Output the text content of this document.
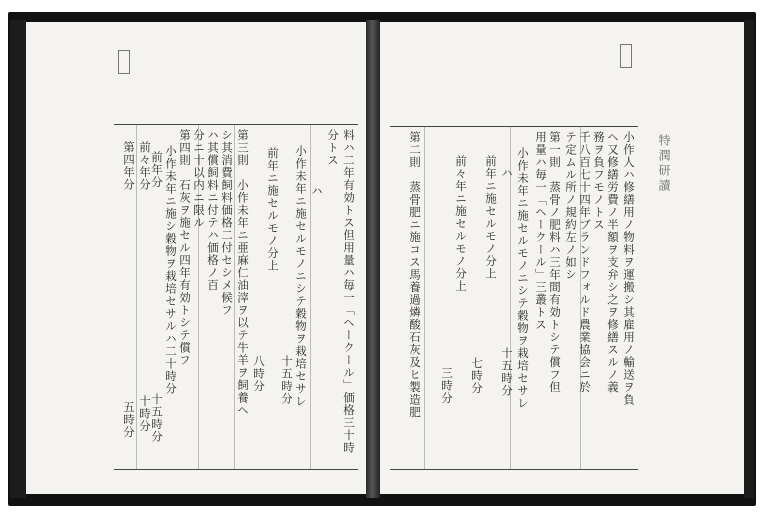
料ハ二年有効トス但用量ハ毎一「ヘークール」価格三十時
分トス
ハ
小作未年ニ施セルモノニシテ穀物ヲ栽培セサレ
十五時分
前年ニ施セルモノ分上
八時分
第三則　小作未年ニ亜麻仁油滓ヲ以テ牛羊ヲ飼養ヘ
シ其消費飼料価格二付セシメ候フ
ハ其償飼料ニ付テハ価格ノ百
分ニ十以内ニ限ル
第四則　石灰ヲ施セル四年有効トシテ償フ
小作未年ニ施シ穀物ヲ栽培セサルハ二十時分
前年分
十五時分
前々年分
十時分
第四年分
五時分
小作人ハ修繕用ノ物料ヲ運搬シ其雇用ノ輸送ヲ負
ヘ又修繕労費ノ半額ヲ支弁シ之ヲ修繕スルノ義
務ヲ負フモノトス
千八百七十四年ブランドフォルド農業協会ニ於
テ定ムル所ノ規約左ノ如シ
第一則　蒸骨ノ肥料ハ三年間有効トシテ償フ但
用量ハ毎一「ヘークール」三叢トス
小作未年ニ施セルモノニシテ穀物ヲ栽培セサレ
ハ
十五時分
前年ニ施セルモノ分上
七時分
前々年ニ施セルモノ分上
三時分
第二則　蒸骨肥ニ施コス馬養過燐酸石灰及ヒ製造肥	特潤研讀
